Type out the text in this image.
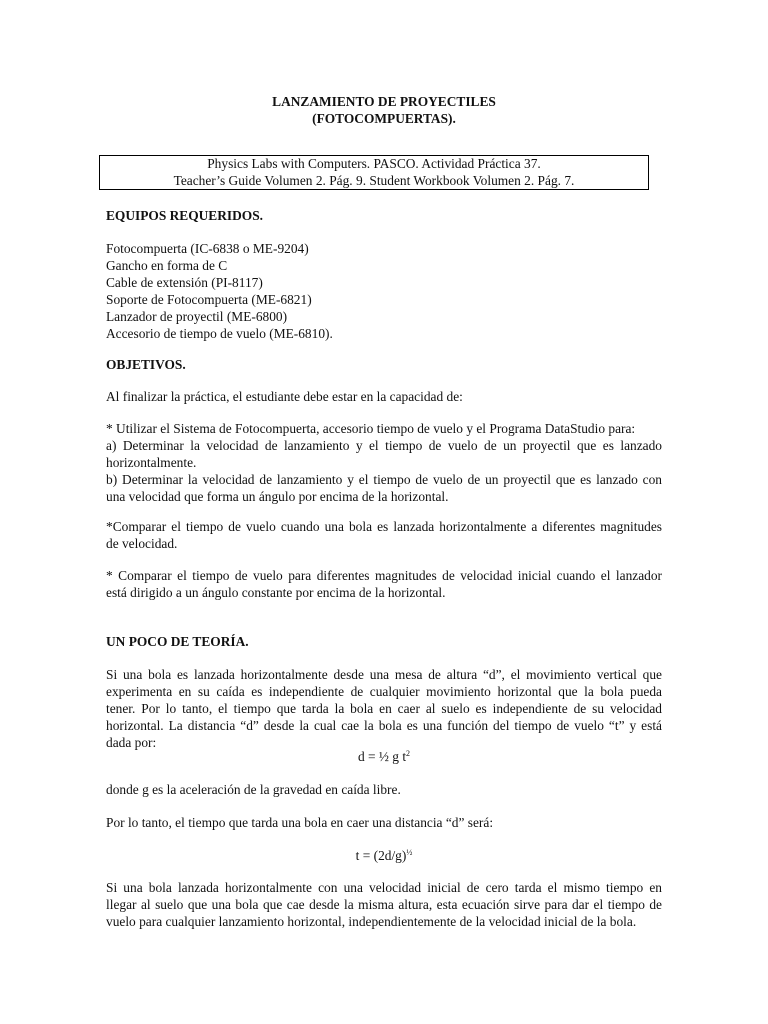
LANZAMIENTO DE PROYECTILES
(FOTOCOMPUERTAS).
Physics Labs with Computers. PASCO. Actividad Práctica 37.
Teacher’s Guide Volumen 2. Pág. 9. Student Workbook Volumen 2. Pág. 7.
EQUIPOS REQUERIDOS.
Fotocompuerta (IC-6838 o ME-9204)
Gancho en forma de C
Cable de extensión (PI-8117)
Soporte de Fotocompuerta (ME-6821)
Lanzador de proyectil (ME-6800)
Accesorio de tiempo de vuelo (ME-6810).
OBJETIVOS.
Al finalizar la práctica, el estudiante debe estar en la capacidad de:
* Utilizar el Sistema de Fotocompuerta, accesorio tiempo de vuelo y el Programa DataStudio para:
a) Determinar la velocidad de lanzamiento y el tiempo de vuelo de un proyectil que es lanzado
horizontalmente.
b) Determinar la velocidad de lanzamiento y el tiempo de vuelo de un proyectil que es lanzado con
una velocidad que forma un ángulo por encima de la horizontal.
*Comparar el tiempo de vuelo cuando una bola es lanzada horizontalmente a diferentes magnitudes
de velocidad.
* Comparar el tiempo de vuelo para diferentes magnitudes de velocidad inicial cuando el lanzador
está dirigido a un ángulo constante por encima de la horizontal.
UN POCO DE TEORÍA.
Si una bola es lanzada horizontalmente desde una mesa de altura “d”, el movimiento vertical que
experimenta en su caída es independiente de cualquier movimiento horizontal que la bola pueda
tener. Por lo tanto, el tiempo que tarda la bola en caer al suelo es independiente de su velocidad
horizontal. La distancia “d” desde la cual cae la bola es una función del tiempo de vuelo “t” y está
dada por:
d = ½ g $t^2$
donde g es la aceleración de la gravedad en caída libre.
Por lo tanto, el tiempo que tarda una bola en caer una distancia “d” será:
$t = (2d/g)^{\frac{1}{2}}$
Si una bola lanzada horizontalmente con una velocidad inicial de cero tarda el mismo tiempo en
llegar al suelo que una bola que cae desde la misma altura, esta ecuación sirve para dar el tiempo de
vuelo para cualquier lanzamiento horizontal, independientemente de la velocidad inicial de la bola.
